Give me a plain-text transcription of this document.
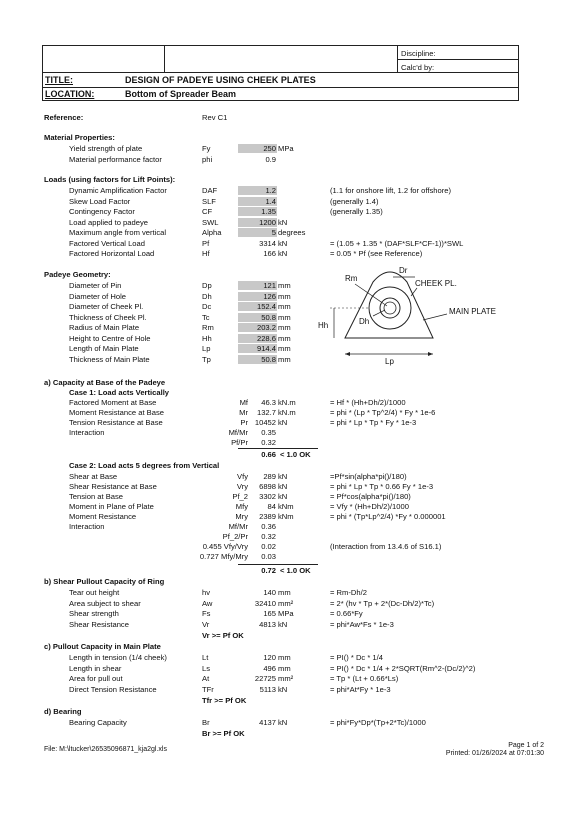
Discipline:
Calc'd by:
TITLE:	DESIGN OF PADEYE USING CHEEK PLATES
LOCATION:	Bottom of Spreader Beam
Reference:	Rev C1
Material Properties:
Yield strength of plate	Fy	250 MPa
Material performance factor	phi	0.9
Loads (using factors for Lift Points):
Dynamic Amplification Factor	DAF	1.2	(1.1 for onshore lift, 1.2 for offshore)
Skew Load Factor	SLF	1.4	(generally 1.4)
Contingency Factor	CF	1.35	(generally 1.35)
Load applied to padeye	SWL	1200 kN
Maximum angle from vertical	Alpha	5 degrees
Factored Vertical Load	Pf	3314 kN	= (1.05 + 1.35 * (DAF*SLF*CF-1))*SWL
Factored Horizontal Load	Hf	166 kN	= 0.05 * Pf (see Reference)
Padeye Geometry:
Diameter of Pin	Dp	121 mm
Diameter of Hole	Dh	126 mm
Diameter of Cheek Pl.	Dc	152.4 mm
Thickness of Cheek Pl.	Tc	50.8 mm
Radius of Main Plate	Rm	203.2 mm
Height to Centre of Hole	Hh	228.6 mm
Length of Main Plate	Lp	914.4 mm
Thickness of Main Plate	Tp	50.8 mm
a) Capacity at Base of the Padeye
Case 1: Load acts Vertically
Factored Moment at Base	Mf	46.3 kN.m	= Hf * (Hh+Dh/2)/1000
Moment Resistance at Base	Mr	132.7 kN.m	= phi * (Lp * Tp^2/4) * Fy * 1e-6
Tension Resistance at Base	Pr 10452 kN	= phi * Lp * Tp * Fy * 1e-3
Interaction	Mf/Mr	0.35
Pf/Pr	0.32
0.66 < 1.0 OK
Case 2: Load acts 5 degrees from Vertical
Shear at Base	Vfy	289 kN	=Pf*sin(alpha*pi()/180)
Shear Resistance at Base	Vry	6898 kN	= phi * Lp * Tp * 0.66 Fy * 1e-3
Tension at Base	Pf_2	3302 kN	= Pf*cos(alpha*pi()/180)
Moment in Plane of Plate	Mfy	84 kNm	= Vfy * (Hh+Dh/2)/1000
Moment Resistance	Mry	2389 kNm	= phi * (Tp*Lp^2/4) *Fy * 0.000001
Interaction	Mf/Mr	0.36
Pf_2/Pr	0.32
0.455 Vfy/Vry	0.02	(Interaction from 13.4.6 of S16.1)
0.727 Mfy/Mry	0.03
0.72 < 1.0 OK
b) Shear Pullout Capacity of Ring
Tear out height	hv	140 mm	= Rm-Dh/2
Area subject to shear	Aw	32410 mm²	= 2* (hv * Tp + 2*(Dc-Dh/2)*Tc)
Shear strength	Fs	165 MPa	= 0.66*Fy
Shear Resistance	Vr	4813 kN	= phi*Aw*Fs * 1e-3
Vr >= Pf OK
c) Pullout Capacity in Main Plate
Length in tension (1/4 cheek)	Lt	120 mm	= PI() * Dc * 1/4
Length in shear	Ls	496 mm	= PI() * Dc * 1/4 + 2*SQRT(Rm^2-(Dc/2)^2)
Area for pull out	At	22725 mm²	= Tp * (Lt + 0.66*Ls)
Direct Tension Resistance	TFr	5113 kN	= phi*At*Fy * 1e-3
Tfr >= Pf OK
d) Bearing
Bearing Capacity	Br	4137 kN	= phi*Fy*Dp*(Tp+2*Tc)/1000
Br >= Pf OK
Dr
Rm
Dh
Hh
Lp
CHEEK PL.
MAIN PLATE
File: M:\ltucker\26535096871_kja2gl.xls
Page 1 of 2
Printed: 01/26/2024 at 07:01:30
